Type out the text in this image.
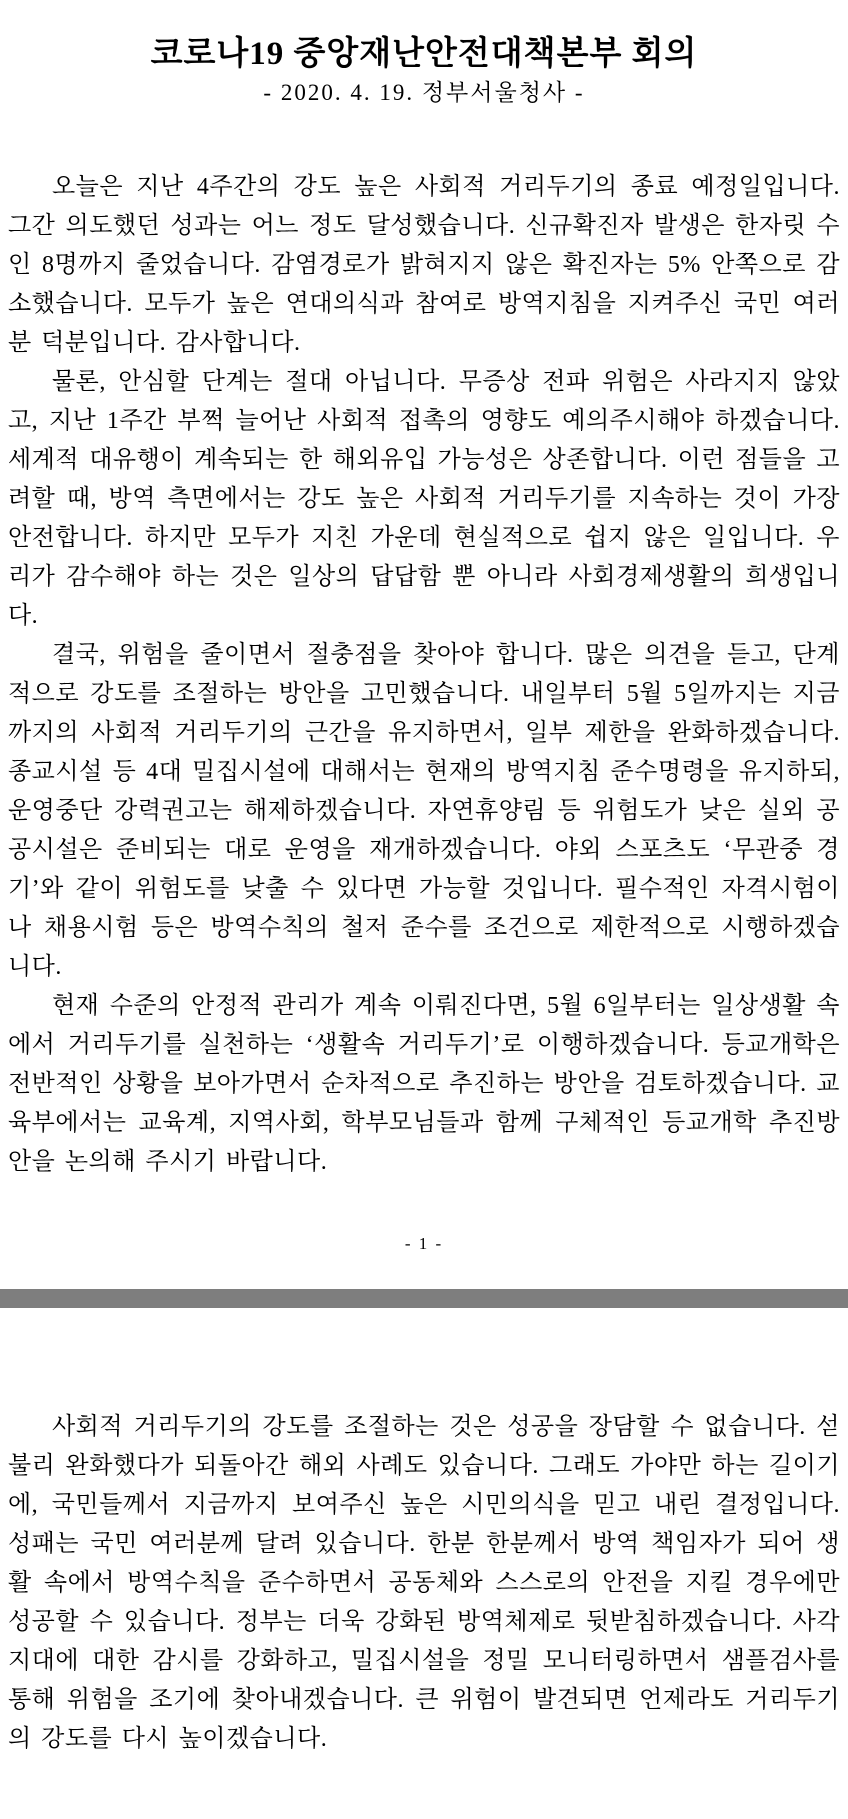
코로나19 중앙재난안전대책본부 회의
- 2020. 4. 19. 정부서울청사 -

오늘은 지난 4주간의 강도 높은 사회적 거리두기의 종료 예정일입니다. 그간 의도했던 성과는 어느 정도 달성했습니다. 신규확진자 발생은 한자릿 수인 8명까지 줄었습니다. 감염경로가 밝혀지지 않은 확진자는 5% 안쪽으로 감소했습니다. 모두가 높은 연대의식과 참여로 방역지침을 지켜주신 국민 여러분 덕분입니다. 감사합니다.

물론, 안심할 단계는 절대 아닙니다. 무증상 전파 위험은 사라지지 않았고, 지난 1주간 부쩍 늘어난 사회적 접촉의 영향도 예의주시해야 하겠습니다. 세계적 대유행이 계속되는 한 해외유입 가능성은 상존합니다. 이런 점들을 고려할 때, 방역 측면에서는 강도 높은 사회적 거리두기를 지속하는 것이 가장 안전합니다. 하지만 모두가 지친 가운데 현실적으로 쉽지 않은 일입니다. 우리가 감수해야 하는 것은 일상의 답답함 뿐 아니라 사회경제생활의 희생입니다.

결국, 위험을 줄이면서 절충점을 찾아야 합니다. 많은 의견을 듣고, 단계적으로 강도를 조절하는 방안을 고민했습니다. 내일부터 5월 5일까지는 지금까지의 사회적 거리두기의 근간을 유지하면서, 일부 제한을 완화하겠습니다. 종교시설 등 4대 밀집시설에 대해서는 현재의 방역지침 준수명령을 유지하되, 운영중단 강력권고는 해제하겠습니다. 자연휴양림 등 위험도가 낮은 실외 공공시설은 준비되는 대로 운영을 재개하겠습니다. 야외 스포츠도 ‘무관중 경기’와 같이 위험도를 낮출 수 있다면 가능할 것입니다. 필수적인 자격시험이나 채용시험 등은 방역수칙의 철저 준수를 조건으로 제한적으로 시행하겠습니다.

현재 수준의 안정적 관리가 계속 이뤄진다면, 5월 6일부터는 일상생활 속에서 거리두기를 실천하는 ‘생활속 거리두기’로 이행하겠습니다. 등교개학은 전반적인 상황을 보아가면서 순차적으로 추진하는 방안을 검토하겠습니다. 교육부에서는 교육계, 지역사회, 학부모님들과 함께 구체적인 등교개학 추진방안을 논의해 주시기 바랍니다.

- 1 -

사회적 거리두기의 강도를 조절하는 것은 성공을 장담할 수 없습니다. 섣불리 완화했다가 되돌아간 해외 사례도 있습니다. 그래도 가야만 하는 길이기에, 국민들께서 지금까지 보여주신 높은 시민의식을 믿고 내린 결정입니다. 성패는 국민 여러분께 달려 있습니다. 한분 한분께서 방역 책임자가 되어 생활 속에서 방역수칙을 준수하면서 공동체와 스스로의 안전을 지킬 경우에만 성공할 수 있습니다. 정부는 더욱 강화된 방역체제로 뒷받침하겠습니다. 사각지대에 대한 감시를 강화하고, 밀집시설을 정밀 모니터링하면서 샘플검사를 통해 위험을 조기에 찾아내겠습니다. 큰 위험이 발견되면 언제라도 거리두기의 강도를 다시 높이겠습니다.
